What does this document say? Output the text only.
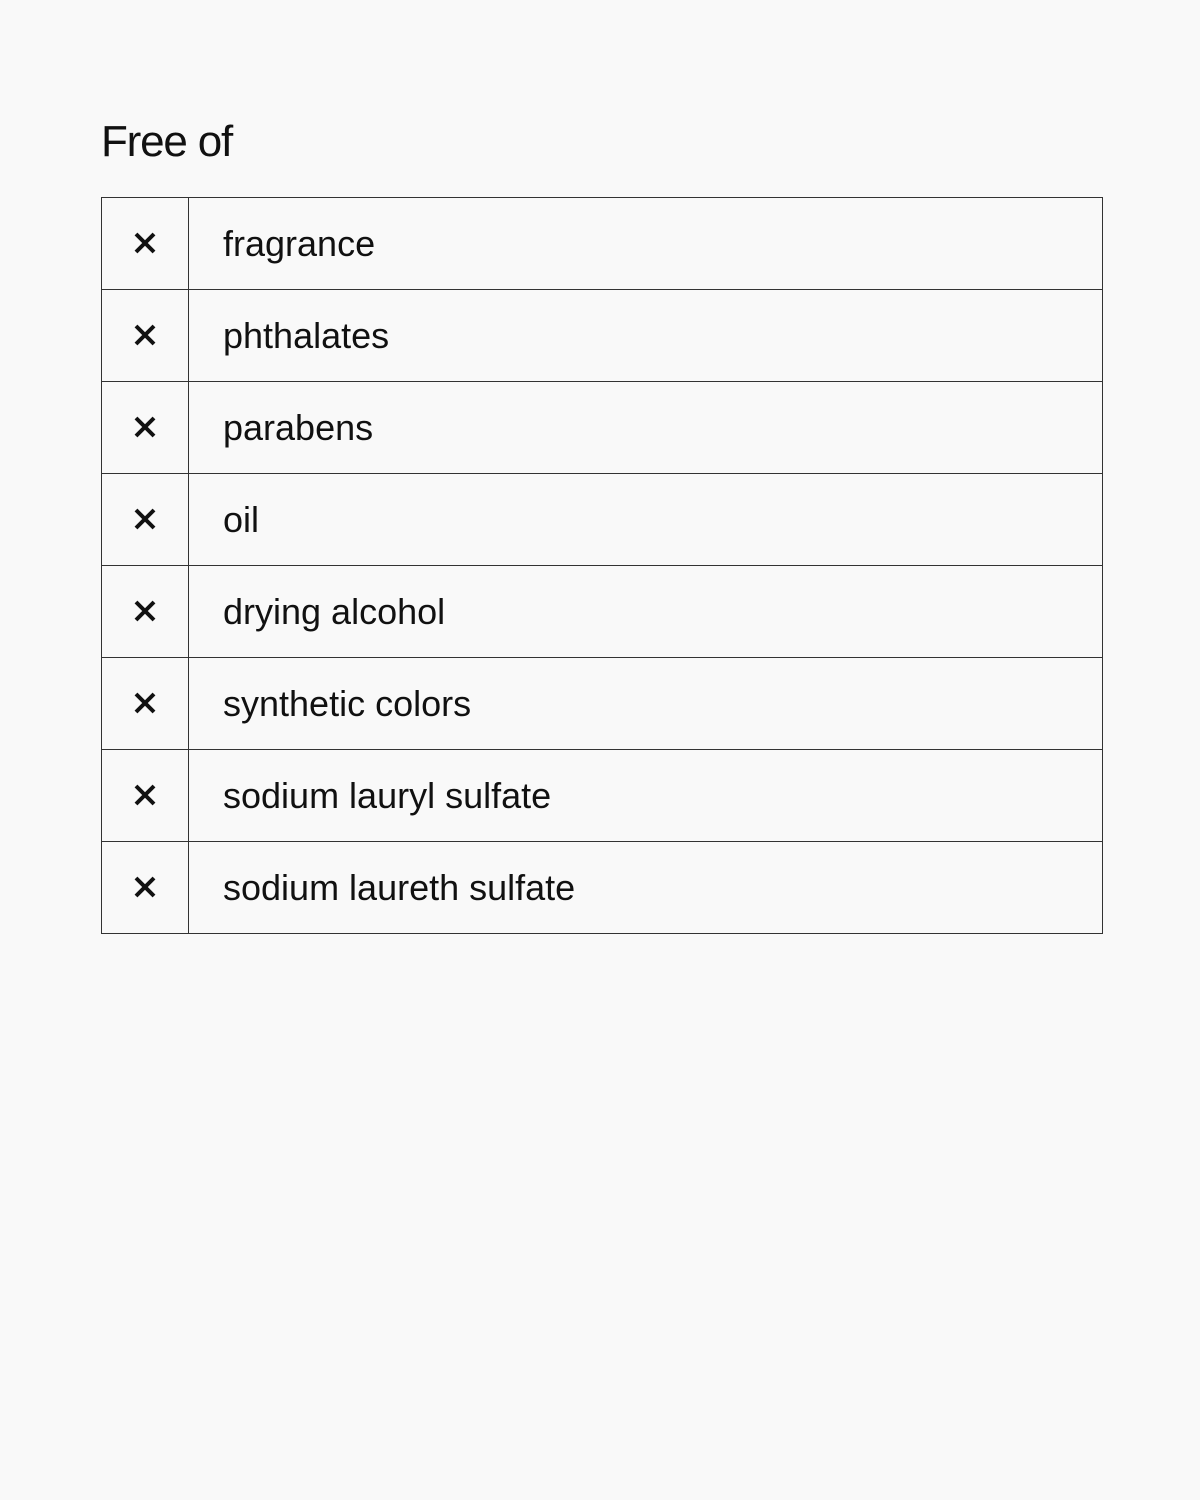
Free of
	fragrance

	phthalates

	parabens

	oil

	drying alcohol

	synthetic colors

	sodium lauryl sulfate

	sodium laureth sulfate
